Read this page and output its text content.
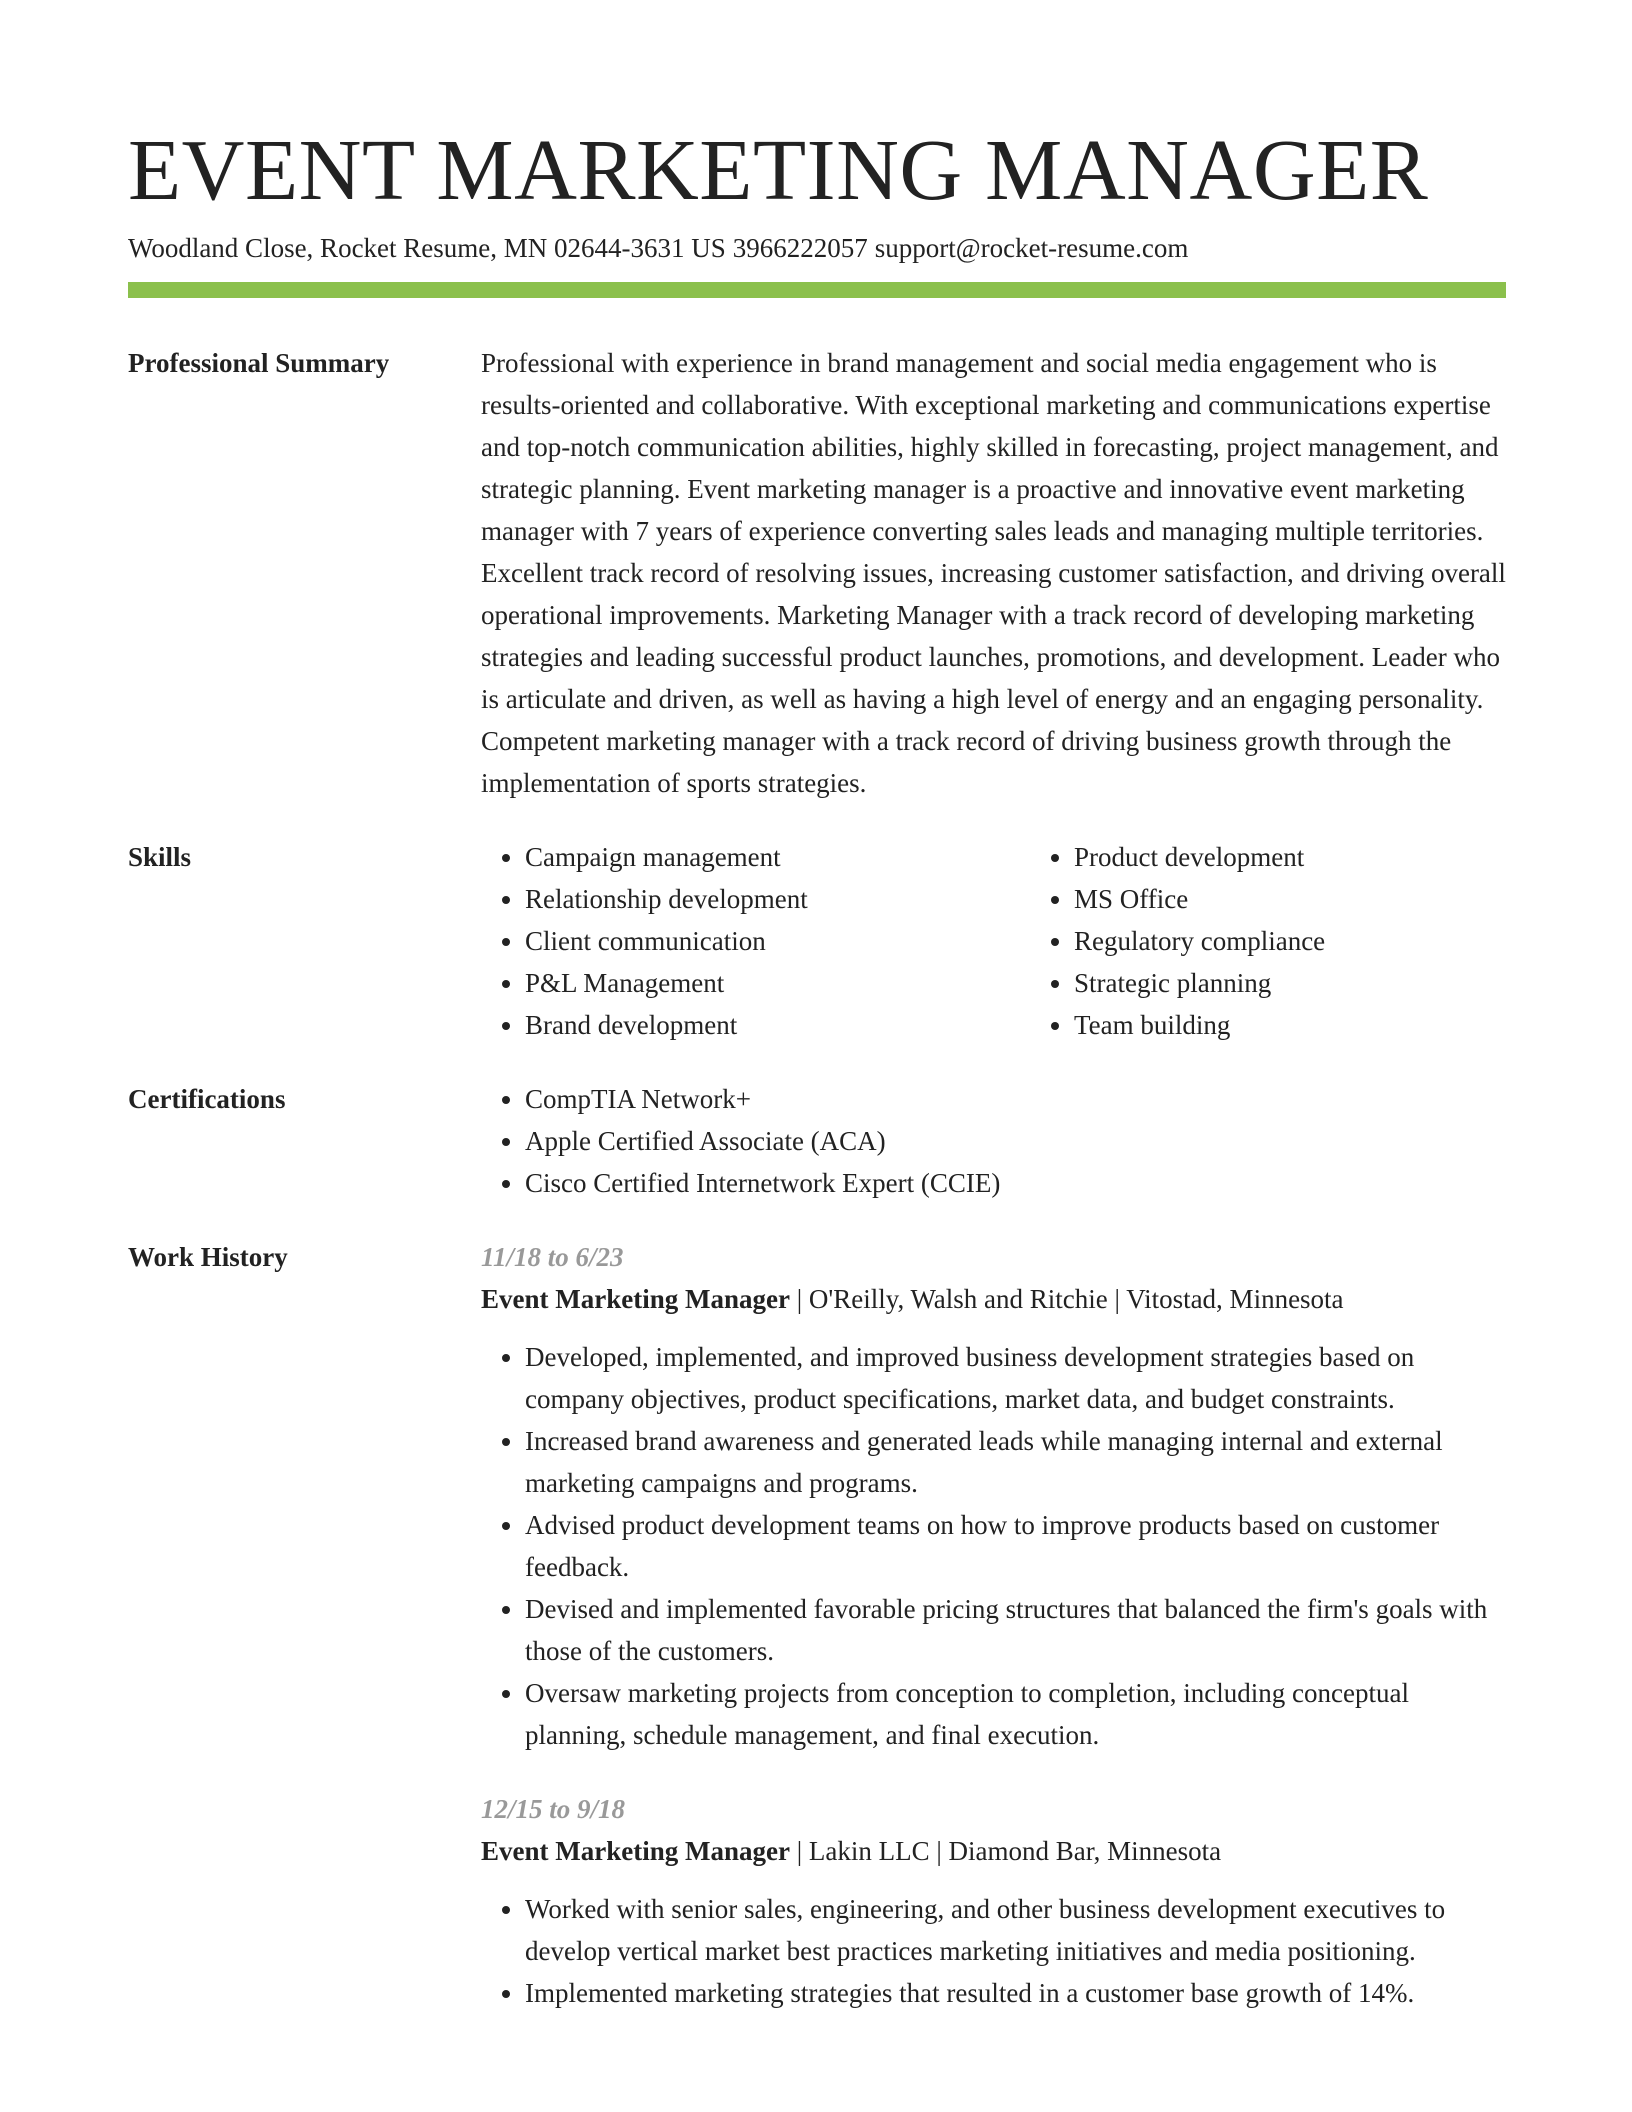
EVENT MARKETING MANAGER
Woodland Close, Rocket Resume, MN 02644-3631 US 3966222057 support@rocket-resume.com
Professional Summary	Professional with experience in brand management and social media engagement who is results-oriented and collaborative. With exceptional marketing and communications expertise and top-notch communication abilities, highly skilled in forecasting, project management, and strategic planning. Event marketing manager is a proactive and innovative event marketing manager with 7 years of experience converting sales leads and managing multiple territories. Excellent track record of resolving issues, increasing customer satisfaction, and driving overall operational improvements. Marketing Manager with a track record of developing marketing strategies and leading successful product launches, promotions, and development. Leader who is articulate and driven, as well as having a high level of energy and an engaging personality. Competent marketing manager with a track record of driving business growth through the implementation of sports strategies.

Skills	• Campaign management
• Relationship development
• Client communication
• P&L Management
• Brand development
• Product development
• MS Office
• Regulatory compliance
• Strategic planning
• Team building
Certifications	• CompTIA Network+
• Apple Certified Associate (ACA)
• Cisco Certified Internetwork Expert (CCIE)
Work History	11/18 to 6/23
Event Marketing Manager | O'Reilly, Walsh and Ritchie | Vitostad, Minnesota
• Developed, implemented, and improved business development strategies based on company objectives, product specifications, market data, and budget constraints.
• Increased brand awareness and generated leads while managing internal and external marketing campaigns and programs.
• Advised product development teams on how to improve products based on customer feedback.
• Devised and implemented favorable pricing structures that balanced the firm's goals with those of the customers.
• Oversaw marketing projects from conception to completion, including conceptual planning, schedule management, and final execution.
12/15 to 9/18
Event Marketing Manager | Lakin LLC | Diamond Bar, Minnesota
• Worked with senior sales, engineering, and other business development executives to develop vertical market best practices marketing initiatives and media positioning.
• Implemented marketing strategies that resulted in a customer base growth of 14%.
